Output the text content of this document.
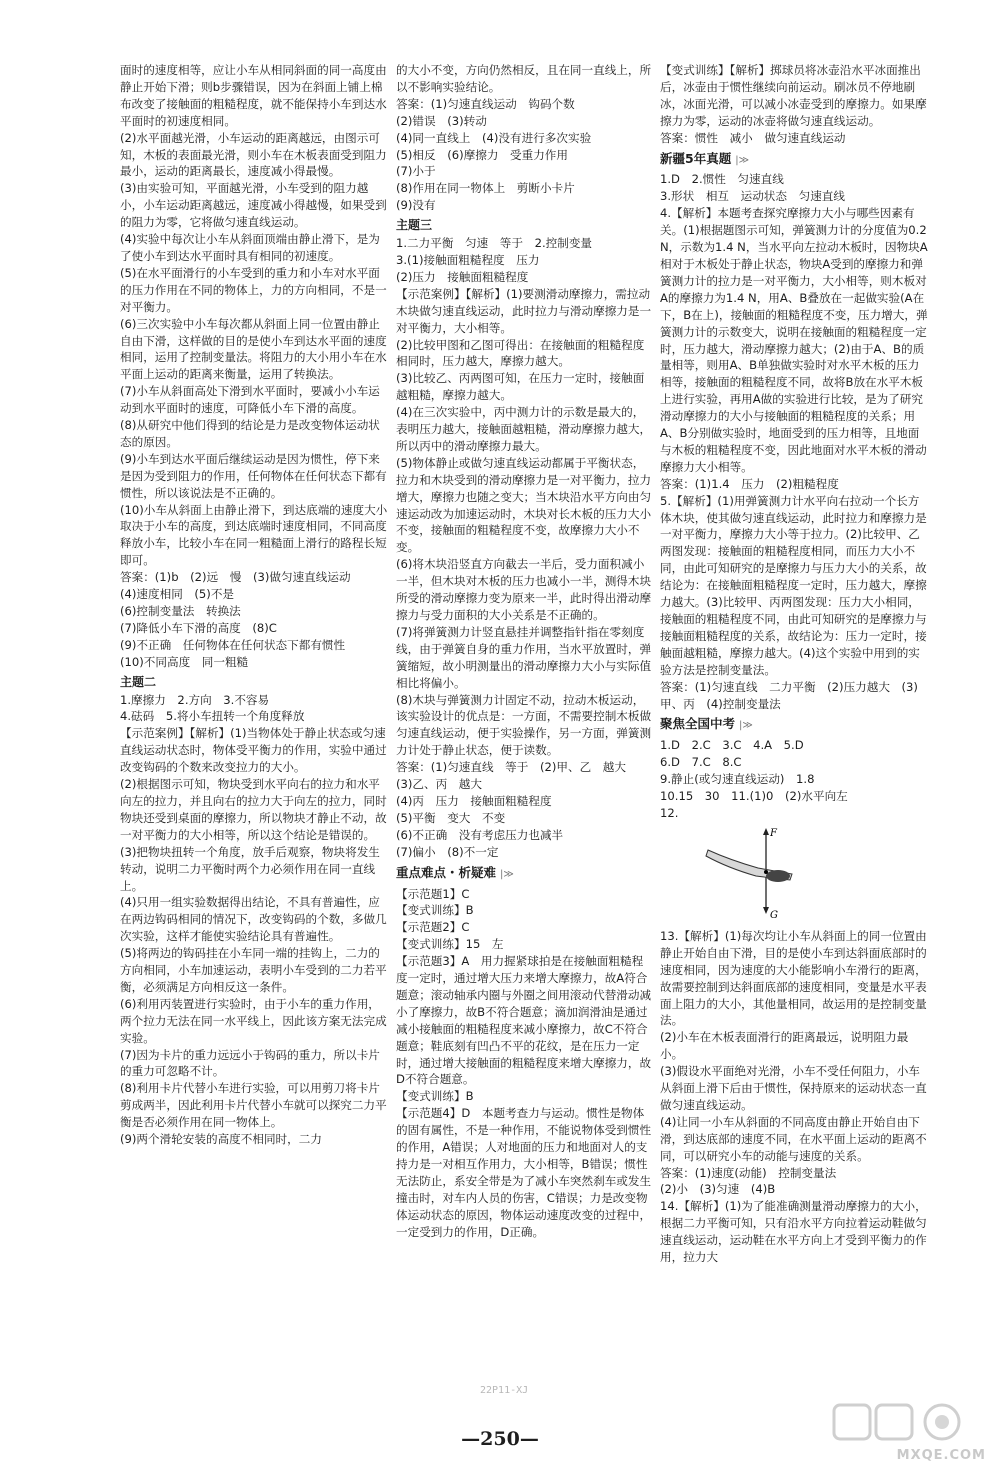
面时的速度相等，应让小车从相同斜面的同一高度由静止开始下滑；则b步骤错误，因为在斜面上铺上棉布改变了接触面的粗糙程度，就不能保持小车到达水平面时的初速度相同。

(2)水平面越光滑，小车运动的距离越远，由图示可知，木板的表面最光滑，则小车在木板表面受到阻力最小，运动的距离最长，速度减小得最慢。

(3)由实验可知，平面越光滑，小车受到的阻力越小，小车运动距离越远，速度减小得越慢，如果受到的阻力为零，它将做匀速直线运动。

(4)实验中每次让小车从斜面顶端由静止滑下，是为了使小车到达水平面时具有相同的初速度。

(5)在水平面滑行的小车受到的重力和小车对水平面的压力作用在不同的物体上，力的方向相同，不是一对平衡力。

(6)三次实验中小车每次都从斜面上同一位置由静止自由下滑，这样做的目的是使小车到达水平面的速度相同，运用了控制变量法。将阻力的大小用小车在水平面上运动的距离来衡量，运用了转换法。

(7)小车从斜面高处下滑到水平面时，要减小小车运动到水平面时的速度，可降低小车下滑的高度。

(8)从研究中他们得到的结论是力是改变物体运动状态的原因。

(9)小车到达水平面后继续运动是因为惯性，停下来是因为受到阻力的作用，任何物体在任何状态下都有惯性，所以该说法是不正确的。

(10)小车从斜面上由静止滑下，到达底端的速度大小取决于小车的高度，到达底端时速度相同，不同高度释放小车，比较小车在同一粗糙面上滑行的路程长短即可。

答案：(1)b　(2)远　慢　(3)做匀速直线运动

(4)速度相同　(5)不是

(6)控制变量法　转换法

(7)降低小车下滑的高度　(8)C

(9)不正确　任何物体在任何状态下都有惯性

(10)不同高度　同一粗糙

主题二

1.摩擦力　2.方向　3.不容易

4.砝码　5.将小车扭转一个角度释放

【示范案例】【解析】(1)当物体处于静止状态或匀速直线运动状态时，物体受平衡力的作用，实验中通过改变钩码的个数来改变拉力的大小。

(2)根据图示可知，物块受到水平向右的拉力和水平向左的拉力，并且向右的拉力大于向左的拉力，同时物块还受到桌面的摩擦力，所以物块才静止不动，故一对平衡力的大小相等，所以这个结论是错误的。

(3)把物块扭转一个角度，放手后观察，物块将发生转动，说明二力平衡时两个力必须作用在同一直线上。

(4)只用一组实验数据得出结论，不具有普遍性，应在两边钩码相同的情况下，改变钩码的个数，多做几次实验，这样才能使实验结论具有普遍性。

(5)将两边的钩码挂在小车同一端的挂钩上，二力的方向相同，小车加速运动，表明小车受到的二力若平衡，必须满足方向相反这一条件。

(6)利用丙装置进行实验时，由于小车的重力作用，两个拉力无法在同一水平线上，因此该方案无法完成实验。

(7)因为卡片的重力远远小于钩码的重力，所以卡片的重力可忽略不计。

(8)利用卡片代替小车进行实验，可以用剪刀将卡片剪成两半，因此利用卡片代替小车就可以探究二力平衡是否必须作用在同一物体上。

(9)两个滑轮安装的高度不相同时，二力

的大小不变，方向仍然相反，且在同一直线上，所以不影响实验结论。

答案：(1)匀速直线运动　钩码个数

(2)错误　(3)转动

(4)同一直线上　(4)没有进行多次实验

(5)相反　(6)摩擦力　受重力作用

(7)小于

(8)作用在同一物体上　剪断小卡片

(9)没有

主题三

1.二力平衡　匀速　等于　2.控制变量

3.(1)接触面粗糙程度　压力

(2)压力　接触面粗糙程度

【示范案例】【解析】(1)要测滑动摩擦力，需拉动木块做匀速直线运动，此时拉力与滑动摩擦力是一对平衡力，大小相等。

(2)比较甲图和乙图可得出：在接触面的粗糙程度相同时，压力越大，摩擦力越大。

(3)比较乙、丙两图可知，在压力一定时，接触面越粗糙，摩擦力越大。

(4)在三次实验中，丙中测力计的示数是最大的，表明压力越大，接触面越粗糙，滑动摩擦力越大，所以丙中的滑动摩擦力最大。

(5)物体静止或做匀速直线运动都属于平衡状态，拉力和木块受到的滑动摩擦力是一对平衡力，拉力增大，摩擦力也随之变大；当木块沿水平方向由匀速运动改为加速运动时，木块对长木板的压力大小不变，接触面的粗糙程度不变，故摩擦力大小不变。

(6)将木块沿竖直方向截去一半后，受力面积减小一半，但木块对木板的压力也减小一半，测得木块所受的滑动摩擦力变为原来一半，此时得出滑动摩擦力与受力面积的大小关系是不正确的。

(7)将弹簧测力计竖直悬挂并调整指针指在零刻度线，由于弹簧自身的重力作用，当水平放置时，弹簧缩短，故小明测量出的滑动摩擦力大小与实际值相比将偏小。

(8)木块与弹簧测力计固定不动，拉动木板运动，该实验设计的优点是：一方面，不需要控制木板做匀速直线运动，便于实验操作，另一方面，弹簧测力计处于静止状态，便于读数。

答案：(1)匀速直线　等于　(2)甲、乙　越大

(3)乙、丙　越大

(4)丙　压力　接触面粗糙程度

(5)平衡　变大　不变

(6)不正确　没有考虑压力也减半

(7)偏小　(8)不一定

重点难点・析疑难 |≫

【示范题1】C

【变式训练】B

【示范题2】C

【变式训练】15　左

【示范题3】A　用力握紧球拍是在接触面粗糙程度一定时，通过增大压力来增大摩擦力，故A符合题意；滚动轴承内圈与外圈之间用滚动代替滑动减小了摩擦力，故B不符合题意；滴加润滑油是通过减小接触面的粗糙程度来减小摩擦力，故C不符合题意；鞋底刻有凹凸不平的花纹，是在压力一定时，通过增大接触面的粗糙程度来增大摩擦力，故D不符合题意。

【变式训练】B

【示范题4】D　本题考查力与运动。惯性是物体的固有属性，不是一种作用，不能说物体受到惯性的作用，A错误；人对地面的压力和地面对人的支持力是一对相互作用力，大小相等，B错误；惯性无法防止，系安全带是为了减小车突然刹车或发生撞击时，对车内人员的伤害，C错误；力是改变物体运动状态的原因，物体运动速度改变的过程中，一定受到力的作用，D正确。

【变式训练】【解析】掷球员将冰壶沿水平冰面推出后，冰壶由于惯性继续向前运动。刷冰员不停地刷冰，冰面光滑，可以减小冰壶受到的摩擦力。如果摩擦力为零，运动的冰壶将做匀速直线运动。

答案：惯性　减小　做匀速直线运动

新疆5年真题 |≫

1.D　2.惯性　匀速直线

3.形状　相互　运动状态　匀速直线

4.【解析】本题考查探究摩擦力大小与哪些因素有关。(1)根据题图示可知，弹簧测力计的分度值为0.2 N，示数为1.4 N，当水平向左拉动木板时，因物块A相对于木板处于静止状态，物块A受到的摩擦力和弹簧测力计的拉力是一对平衡力，大小相等，则木板对A的摩擦力为1.4 N，用A、B叠放在一起做实验(A在下，B在上)，接触面的粗糙程度不变，压力增大，弹簧测力计的示数变大，说明在接触面的粗糙程度一定时，压力越大，滑动摩擦力越大；(2)由于A、B的质量相等，则用A、B单独做实验时对水平木板的压力相等，接触面的粗糙程度不同，故将B放在水平木板上进行实验，再用A做的实验进行比较，是为了研究滑动摩擦力的大小与接触面的粗糙程度的关系；用A、B分别做实验时，地面受到的压力相等，且地面与木板的粗糙程度不变，因此地面对水平木板的滑动摩擦力大小相等。

答案：(1)1.4　压力　(2)粗糙程度

5.【解析】(1)用弹簧测力计水平向右拉动一个长方体木块，使其做匀速直线运动，此时拉力和摩擦力是一对平衡力，摩擦力大小等于拉力。(2)比较甲、乙两图发现：接触面的粗糙程度相同，而压力大小不同，由此可知研究的是摩擦力与压力大小的关系，故结论为：在接触面粗糙程度一定时，压力越大，摩擦力越大。(3)比较甲、丙两图发现：压力大小相同，接触面的粗糙程度不同，由此可知研究的是摩擦力与接触面粗糙程度的关系，故结论为：压力一定时，接触面越粗糙，摩擦力越大。(4)这个实验中用到的实验方法是控制变量法。

答案：(1)匀速直线　二力平衡　(2)压力越大　(3)甲、丙　(4)控制变量法

聚焦全国中考 |≫

1.D　2.C　3.C　4.A　5.D

6.D　7.C　8.C

9.静止(或匀速直线运动)　1.8

10.15　30　11.(1)0　(2)水平向左

12.

F
G

13.【解析】(1)每次均让小车从斜面上的同一位置由静止开始自由下滑，目的是使小车到达斜面底部时的速度相同，因为速度的大小能影响小车滑行的距离，故需要控制到达斜面底部的速度相同，变量是水平表面上阻力的大小，其他量相同，故运用的是控制变量法。

(2)小车在木板表面滑行的距离最远，说明阻力最小。

(3)假设水平面绝对光滑，小车不受任何阻力，小车从斜面上滑下后由于惯性，保持原来的运动状态一直做匀速直线运动。

(4)让同一小车从斜面的不同高度由静止开始自由下滑，到达底部的速度不同，在水平面上运动的距离不同，可以研究小车的动能与速度的关系。

答案：(1)速度(动能)　控制变量法

(2)小　(3)匀速　(4)B

14.【解析】(1)为了能准确测量滑动摩擦力的大小，根据二力平衡可知，只有沿水平方向拉着运动鞋做匀速直线运动，运动鞋在水平方向上才受到平衡力的作用，拉力大

22P11-XJ
—250—
MXQE.COM
